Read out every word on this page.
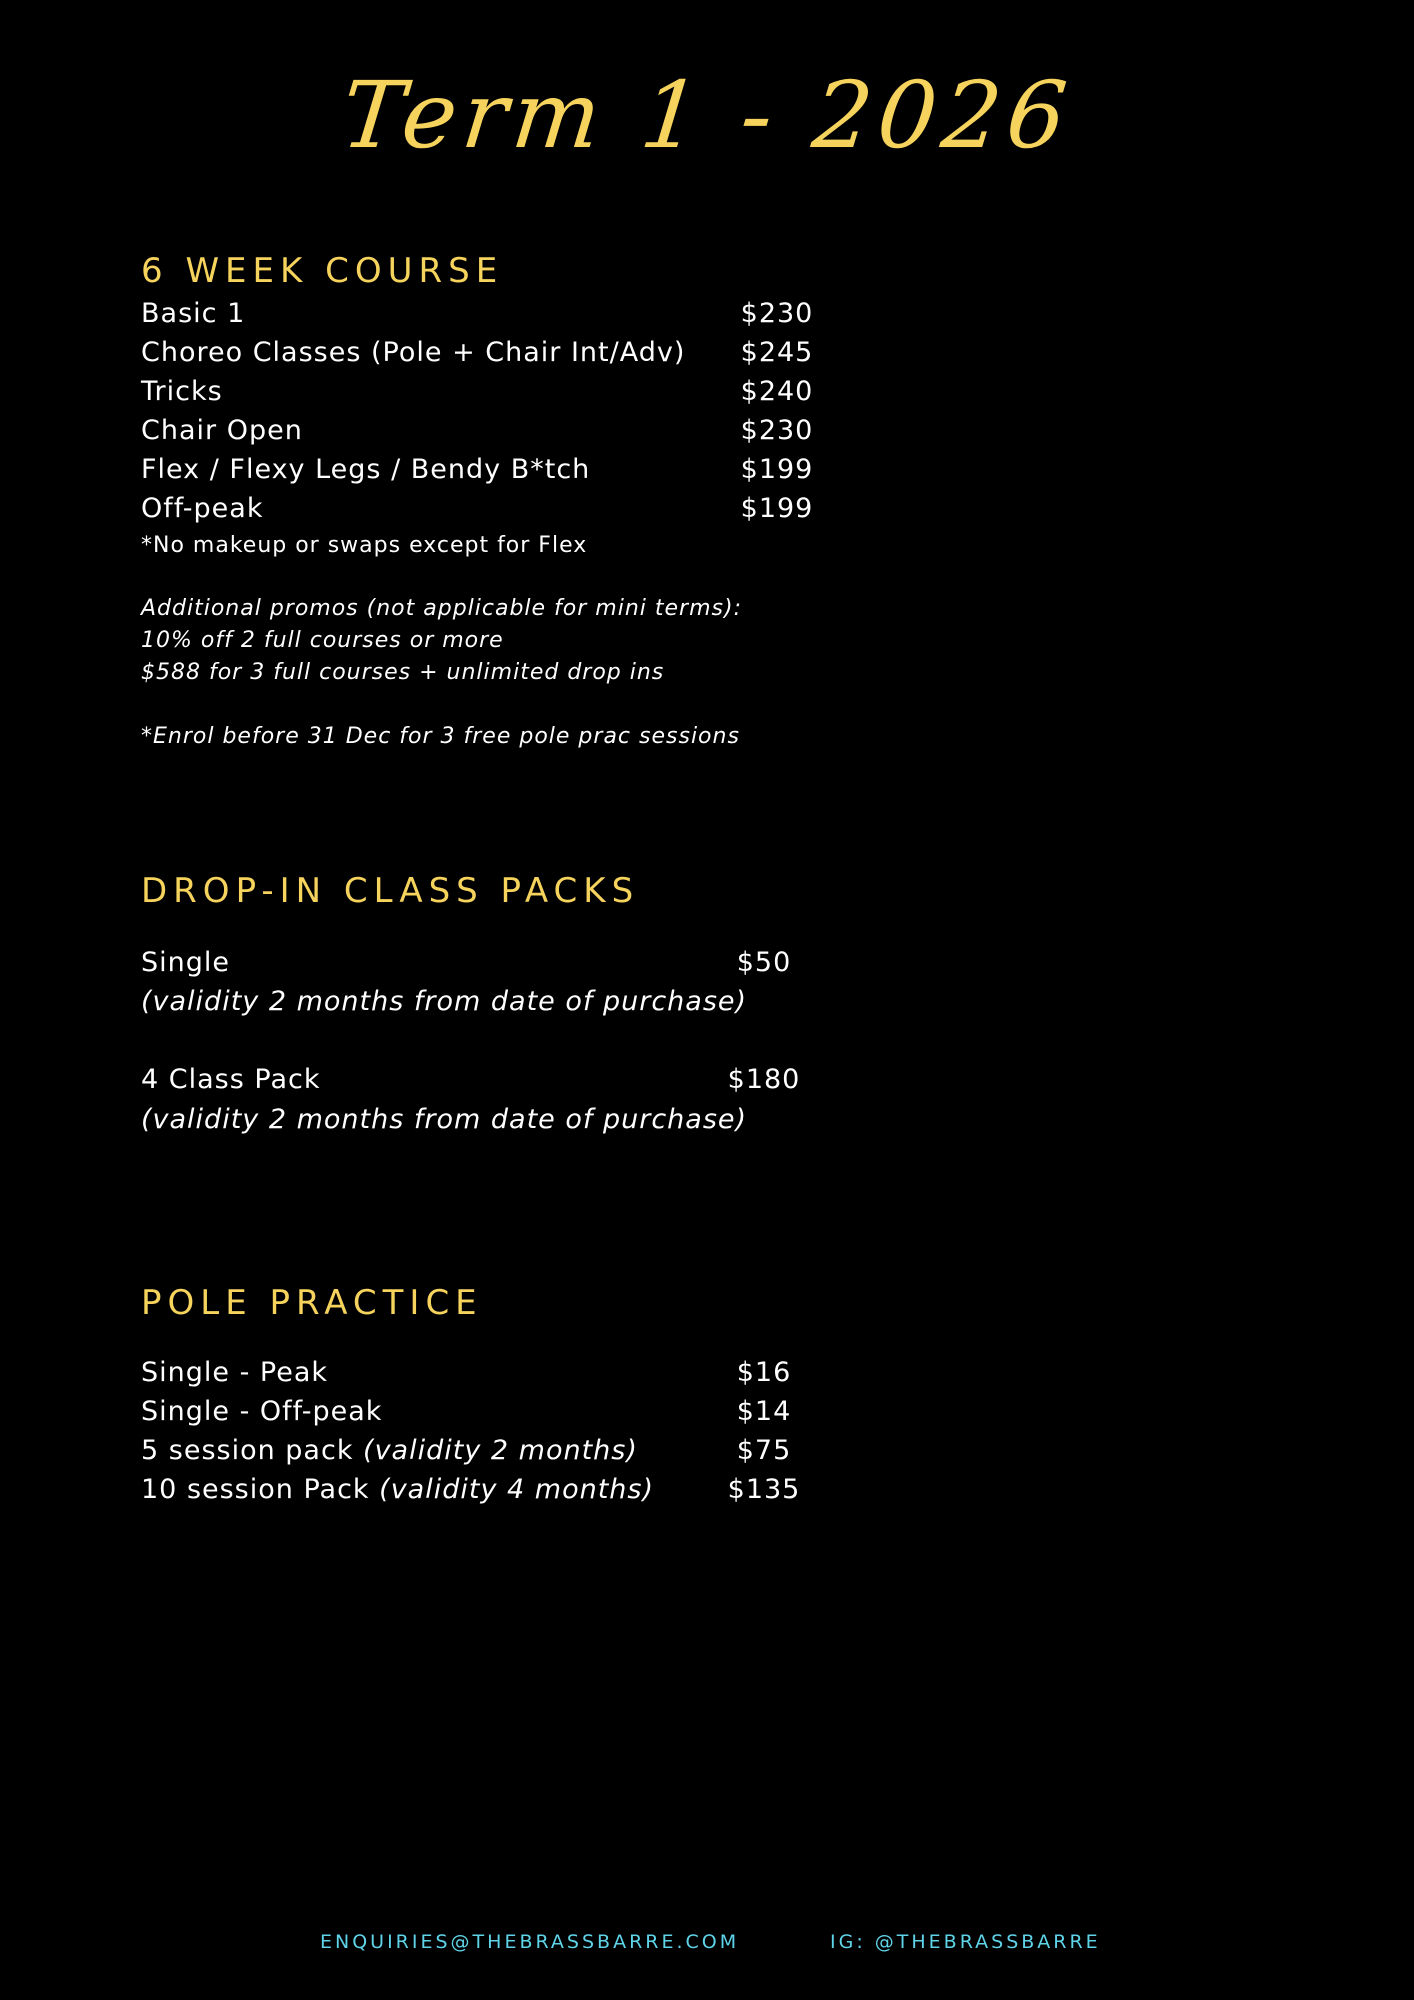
Term 1 - 2026
6 WEEK COURSE
Basic 1	$230
Choreo Classes (Pole + Chair Int/Adv)	$245
Tricks	$240
Chair Open	$230
Flex / Flexy Legs / Bendy B*tch	$199
Off-peak	$199
*No makeup or swaps except for Flex
Additional promos (not applicable for mini terms):
10% off 2 full courses or more
$588 for 3 full courses + unlimited drop ins
*Enrol before 31 Dec for 3 free pole prac sessions
DROP-IN CLASS PACKS
Single	$50
(validity 2 months from date of purchase)
4 Class Pack	$180
(validity 2 months from date of purchase)
POLE PRACTICE
Single - Peak	$16
Single - Off-peak	$14
5 session pack (validity 2 months)	$75
10 session Pack (validity 4 months)	$135
ENQUIRIES@THEBRASSBARRE.COM	IG: @THEBRASSBARRE
